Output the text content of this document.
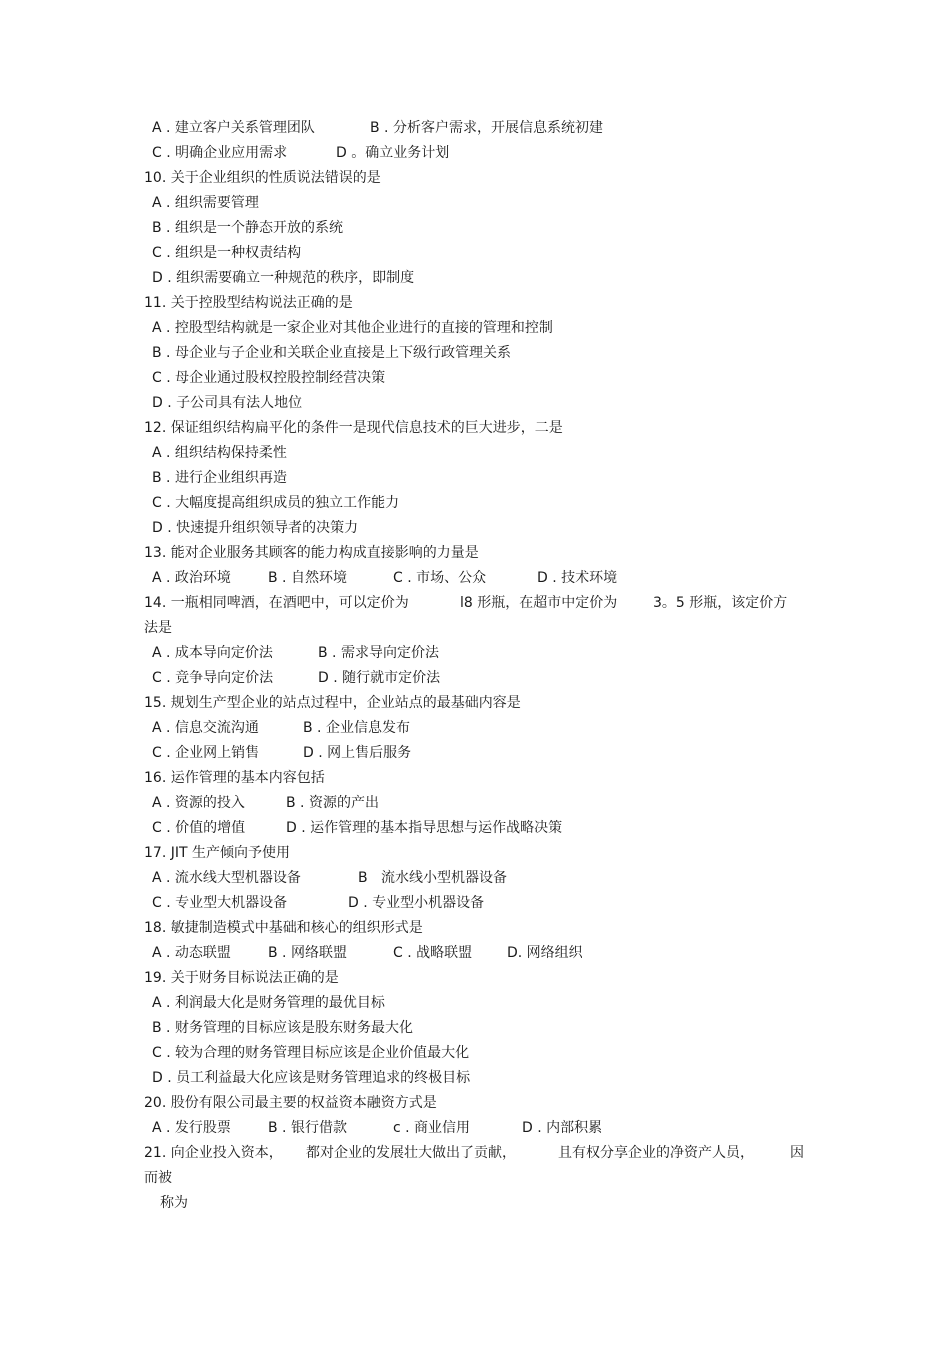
A . 建立客户关系管理团队	B . 分析客户需求，开展信息系统初建
C . 明确企业应用需求	D 。确立业务计划
10. 关于企业组织的性质说法错误的是
A . 组织需要管理
B . 组织是一个静态开放的系统
C . 组织是一种权责结构
D . 组织需要确立一种规范的秩序，即制度
11. 关于控股型结构说法正确的是
A . 控股型结构就是一家企业对其他企业进行的直接的管理和控制
B . 母企业与子企业和关联企业直接是上下级行政管理关系
C . 母企业通过股权控股控制经营决策
D . 子公司具有法人地位
12. 保证组织结构扁平化的条件一是现代信息技术的巨大进步，二是
A . 组织结构保持柔性
B . 进行企业组织再造
C . 大幅度提高组织成员的独立工作能力
D . 快速提升组织领导者的决策力
13. 能对企业服务其顾客的能力构成直接影响的力量是
A . 政治环境	B . 自然环境	C . 市场、公众	D . 技术环境
14. 一瓶相同啤酒，在酒吧中，可以定价为	l8 形瓶，在超市中定价为	3。5 形瓶，该定价方
法是
A . 成本导向定价法	B . 需求导向定价法
C . 竞争导向定价法	D . 随行就市定价法
15. 规划生产型企业的站点过程中，企业站点的最基础内容是
A . 信息交流沟通	B . 企业信息发布
C . 企业网上销售	D . 网上售后服务
16. 运作管理的基本内容包括
A . 资源的投入	B . 资源的产出
C . 价值的增值	D . 运作管理的基本指导思想与运作战略决策
17. JIT 生产倾向予使用
A . 流水线大型机器设备	B   流水线小型机器设备
C . 专业型大机器设备	D . 专业型小机器设备
18. 敏捷制造模式中基础和核心的组织形式是
A . 动态联盟	B . 网络联盟	C . 战略联盟 D. 网络组织
19. 关于财务目标说法正确的是
A . 利润最大化是财务管理的最优目标
B . 财务管理的目标应该是股东财务最大化
C . 较为合理的财务管理目标应该是企业价值最大化
D . 员工利益最大化应该是财务管理追求的终极目标
20. 股份有限公司最主要的权益资本融资方式是
A . 发行股票	B . 银行借款	c . 商业信用	D . 内部积累
21. 向企业投入资本， 都对企业的发展壮大做出了贡献，	且有权分享企业的净资产人员，	因
而被
称为
